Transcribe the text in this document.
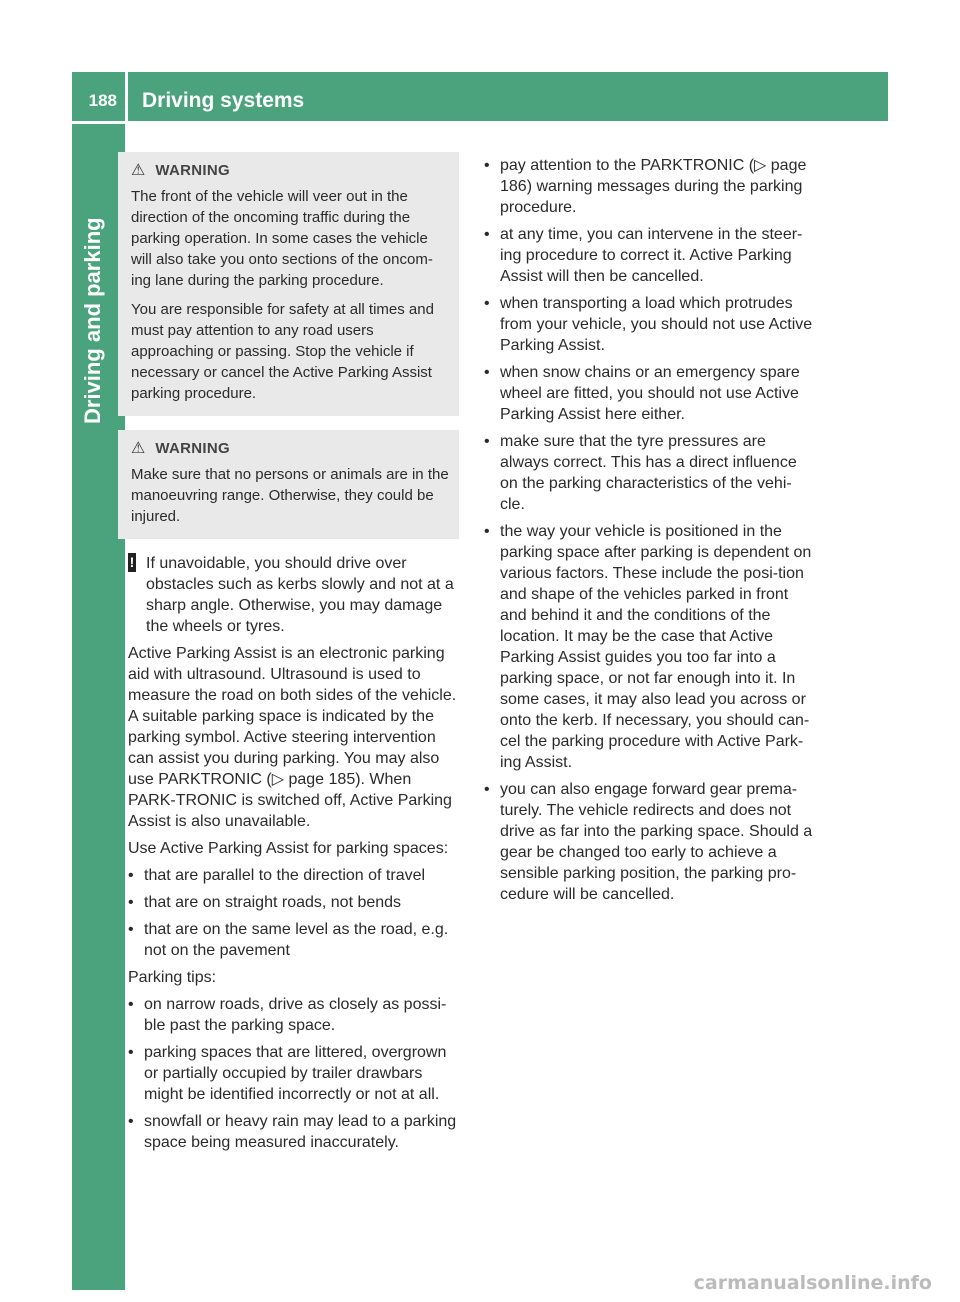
188	Driving systems
Driving and parking
⚠ WARNING

The front of the vehicle will veer out in the direction of the oncoming traffic during the parking operation. In some cases the vehicle will also take you onto sections of the oncom-ing lane during the parking procedure.

You are responsible for safety at all times and must pay attention to any road users approaching or passing. Stop the vehicle if necessary or cancel the Active Parking Assist parking procedure.

⚠ WARNING

Make sure that no persons or animals are in the manoeuvring range. Otherwise, they could be injured.

! If unavoidable, you should drive over obstacles such as kerbs slowly and not at a sharp angle. Otherwise, you may damage the wheels or tyres.
Active Parking Assist is an electronic parking aid with ultrasound. Ultrasound is used to measure the road on both sides of the vehicle. A suitable parking space is indicated by the parking symbol. Active steering intervention can assist you during parking. You may also use PARKTRONIC (▷ page 185). When PARK-TRONIC is switched off, Active Parking Assist is also unavailable.
Use Active Parking Assist for parking spaces:
• that are parallel to the direction of travel
• that are on straight roads, not bends
• that are on the same level as the road, e.g. not on the pavement
Parking tips:
• on narrow roads, drive as closely as possi-ble past the parking space.
• parking spaces that are littered, overgrown or partially occupied by trailer drawbars might be identified incorrectly or not at all.
• snowfall or heavy rain may lead to a parking space being measured inaccurately.
• pay attention to the PARKTRONIC (▷ page 186) warning messages during the parking procedure.
• at any time, you can intervene in the steer-ing procedure to correct it. Active Parking Assist will then be cancelled.
• when transporting a load which protrudes from your vehicle, you should not use Active Parking Assist.
• when snow chains or an emergency spare wheel are fitted, you should not use Active Parking Assist here either.
• make sure that the tyre pressures are always correct. This has a direct influence on the parking characteristics of the vehi-cle.
• the way your vehicle is positioned in the parking space after parking is dependent on various factors. These include the posi-tion and shape of the vehicles parked in front and behind it and the conditions of the location. It may be the case that Active Parking Assist guides you too far into a parking space, or not far enough into it. In some cases, it may also lead you across or onto the kerb. If necessary, you should can-cel the parking procedure with Active Park-ing Assist.
• you can also engage forward gear prema-turely. The vehicle redirects and does not drive as far into the parking space. Should a gear be changed too early to achieve a sensible parking position, the parking pro-cedure will be cancelled.
carmanualsonline.info
